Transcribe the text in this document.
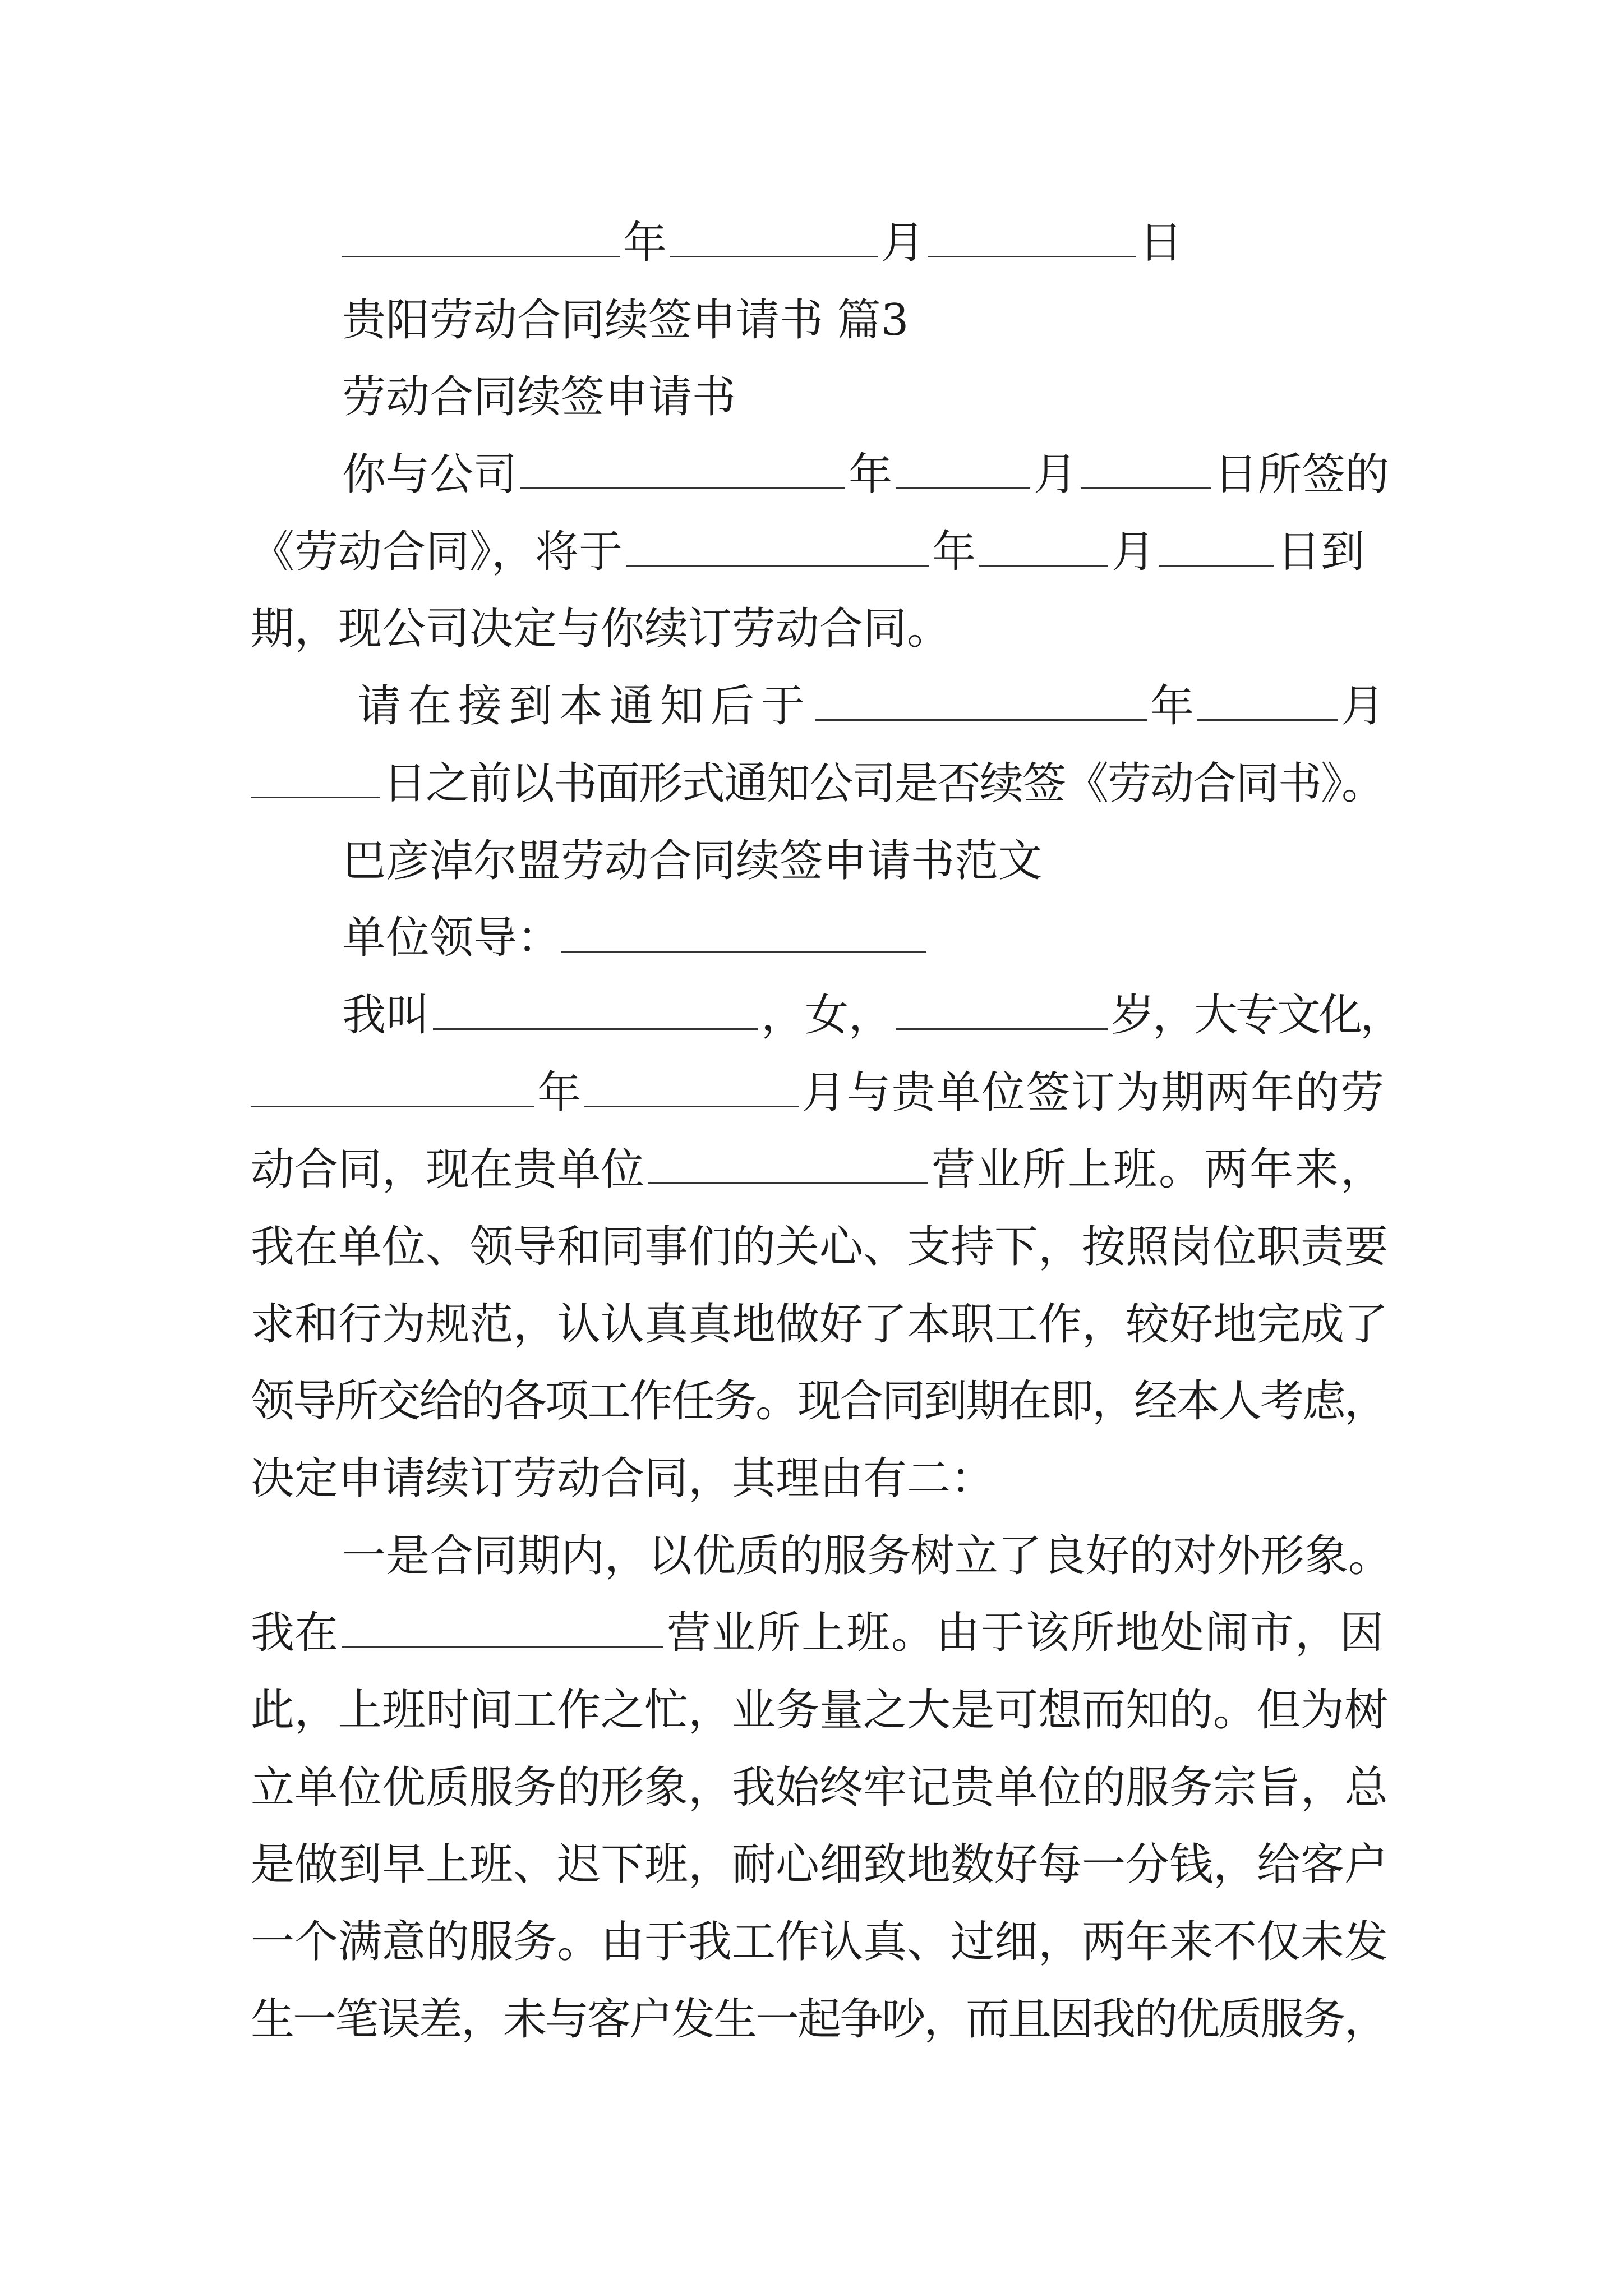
年	月	日
贵阳劳动合同续签申请书 篇3
劳动合同续签申请书
你与公司	年	月	日所签的
《劳动合同》，将于	年	月	日到
期，现公司决定与你续订劳动合同。
请在接到本通知后于	年	月
日之前以书面形式通知公司是否续签《劳动合同书》。
巴彦淖尔盟劳动合同续签申请书范文
单位领导：
我叫	，女，	岁，大专文化，
年	月与贵单位签订为期两年的劳
动合同，现在贵单位	营业所上班。两年来，
我在单位、领导和同事们的关心、支持下，按照岗位职责要
求和行为规范，认认真真地做好了本职工作，较好地完成了
领导所交给的各项工作任务。现合同到期在即，经本人考虑，
决定申请续订劳动合同，其理由有二：
一是合同期内，以优质的服务树立了良好的对外形象。
我在	营业所上班。由于该所地处闹市，因
此，上班时间工作之忙，业务量之大是可想而知的。但为树
立单位优质服务的形象，我始终牢记贵单位的服务宗旨，总
是做到早上班、迟下班，耐心细致地数好每一分钱，给客户
一个满意的服务。由于我工作认真、过细，两年来不仅未发
生一笔误差，未与客户发生一起争吵，而且因我的优质服务，
